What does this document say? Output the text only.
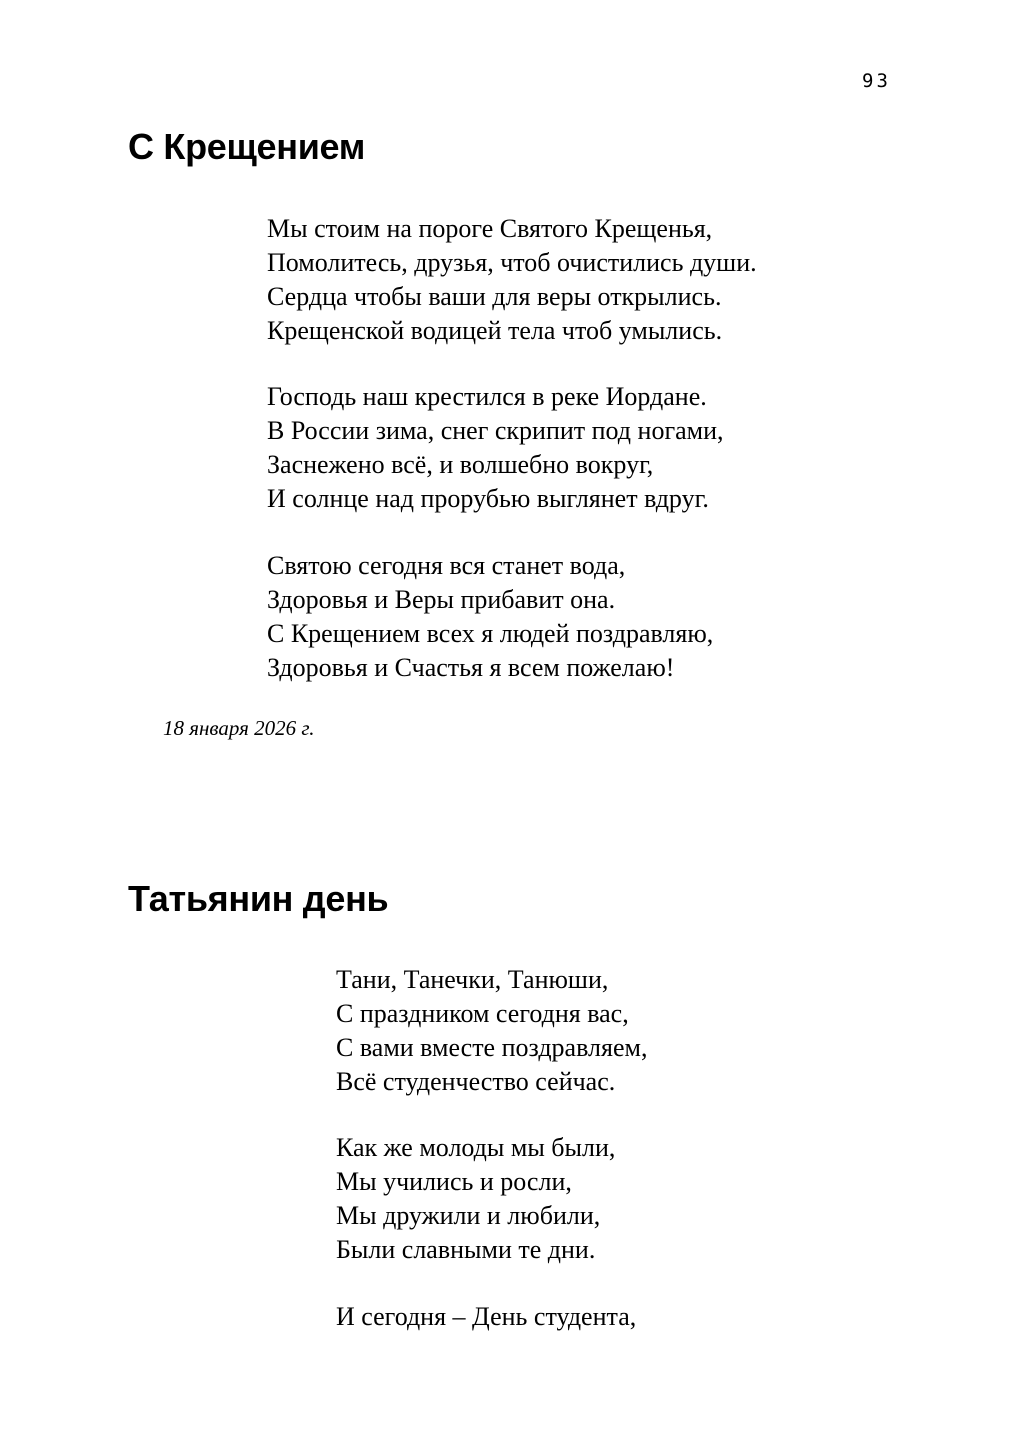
93
С Крещением
Мы стоим на пороге Святого Крещенья,
Помолитесь, друзья, чтоб очистились души.
Сердца чтобы ваши для веры открылись.
Крещенской водицей тела чтоб умылись.
Господь наш крестился в реке Иордане.
В России зима, снег скрипит под ногами,
Заснежено всё, и волшебно вокруг,
И солнце над прорубью выглянет вдруг.
Святою сегодня вся станет вода,
Здоровья и Веры прибавит она.
С Крещением всех я людей поздравляю,
Здоровья и Счастья я всем пожелаю!
18 января 2026 г.
Татьянин день
Тани, Танечки, Танюши,
С праздником сегодня вас,
С вами вместе поздравляем,
Всё студенчество сейчас.
Как же молоды мы были,
Мы учились и росли,
Мы дружили и любили,
Были славными те дни.
И сегодня – День студента,
